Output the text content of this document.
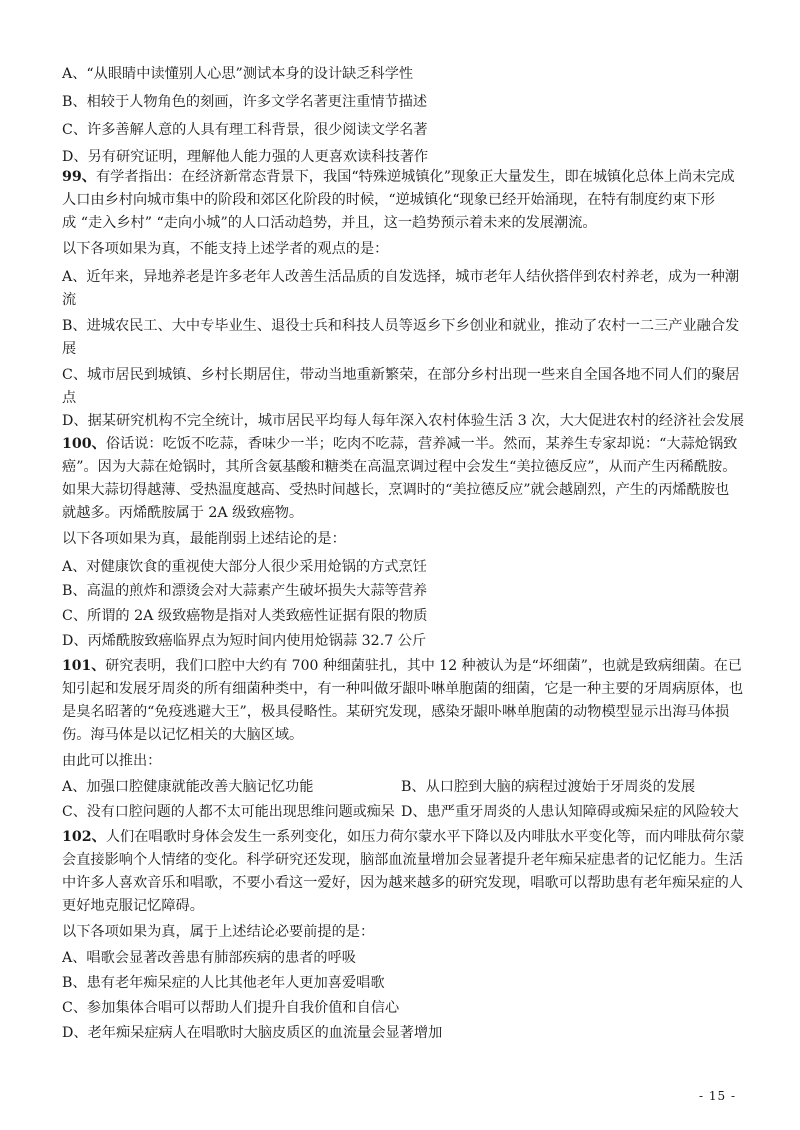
A、“从眼睛中读懂别人心思”测试本身的设计缺乏科学性
B、相较于人物角色的刻画，许多文学名著更注重情节描述
C、许多善解人意的人具有理工科背景，很少阅读文学名著
D、另有研究证明，理解他人能力强的人更喜欢读科技著作
99、有学者指出：在经济新常态背景下，我国“特殊逆城镇化”现象正大量发生，即在城镇化总体上尚未完成
人口由乡村向城市集中的阶段和郊区化阶段的时候，“逆城镇化“现象已经开始涌现，在特有制度约束下形
成 “走入乡村” “走向小城”的人口活动趋势，并且，这一趋势预示着未来的发展潮流。
以下各项如果为真，不能支持上述学者的观点的是：
A、近年来，异地养老是许多老年人改善生活品质的自发选择，城市老年人结伙搭伴到农村养老，成为一种潮
流
B、进城农民工、大中专毕业生、退役士兵和科技人员等返乡下乡创业和就业，推动了农村一二三产业融合发
展
C、城市居民到城镇、乡村长期居住，带动当地重新繁荣，在部分乡村出现一些来自全国各地不同人们的聚居
点
D、据某研究机构不完全统计，城市居民平均每人每年深入农村体验生活 3 次，大大促进农村的经济社会发展
100、俗话说：吃饭不吃蒜，香味少一半；吃肉不吃蒜，营养减一半。然而，某养生专家却说：“大蒜炝锅致
癌”。因为大蒜在炝锅时，其所含氨基酸和糖类在高温烹调过程中会发生“美拉德反应”，从而产生丙稀酰胺。
如果大蒜切得越薄、受热温度越高、受热时间越长，烹调时的“美拉德反应”就会越剧烈，产生的丙烯酰胺也
就越多。丙烯酰胺属于 2A 级致癌物。
以下各项如果为真，最能削弱上述结论的是：
A、对健康饮食的重视使大部分人很少采用炝锅的方式烹饪
B、高温的煎炸和漂烫会对大蒜素产生破坏损失大蒜等营养
C、所谓的 2A 级致癌物是指对人类致癌性证据有限的物质
D、丙烯酰胺致癌临界点为短时间内使用炝锅蒜 32.7 公斤
101、研究表明，我们口腔中大约有 700 种细菌驻扎，其中 12 种被认为是“坏细菌”，也就是致病细菌。在已
知引起和发展牙周炎的所有细菌种类中，有一种叫做牙龈卟啉单胞菌的细菌，它是一种主要的牙周病原体，也
是臭名昭著的“免疫逃避大王”，极具侵略性。某研究发现，感染牙龈卟啉单胞菌的动物模型显示出海马体损
伤。海马体是以记忆相关的大脑区域。
由此可以推出：
A、加强口腔健康就能改善大脑记忆功能	B、从口腔到大脑的病程过渡始于牙周炎的发展
C、没有口腔问题的人都不太可能出现思维问题或痴呆 D、患严重牙周炎的人患认知障碍或痴呆症的风险较大
102、人们在唱歌时身体会发生一系列变化，如压力荷尔蒙水平下降以及内啡肽水平变化等，而内啡肽荷尔蒙
会直接影响个人情绪的变化。科学研究还发现，脑部血流量增加会显著提升老年痴呆症患者的记忆能力。生活
中许多人喜欢音乐和唱歌，不要小看这一爱好，因为越来越多的研究发现，唱歌可以帮助患有老年痴呆症的人
更好地克服记忆障碍。
以下各项如果为真，属于上述结论必要前提的是：
A、唱歌会显著改善患有肺部疾病的患者的呼吸
B、患有老年痴呆症的人比其他老年人更加喜爱唱歌
C、参加集体合唱可以帮助人们提升自我价值和自信心
D、老年痴呆症病人在唱歌时大脑皮质区的血流量会显著增加
- 15 -
